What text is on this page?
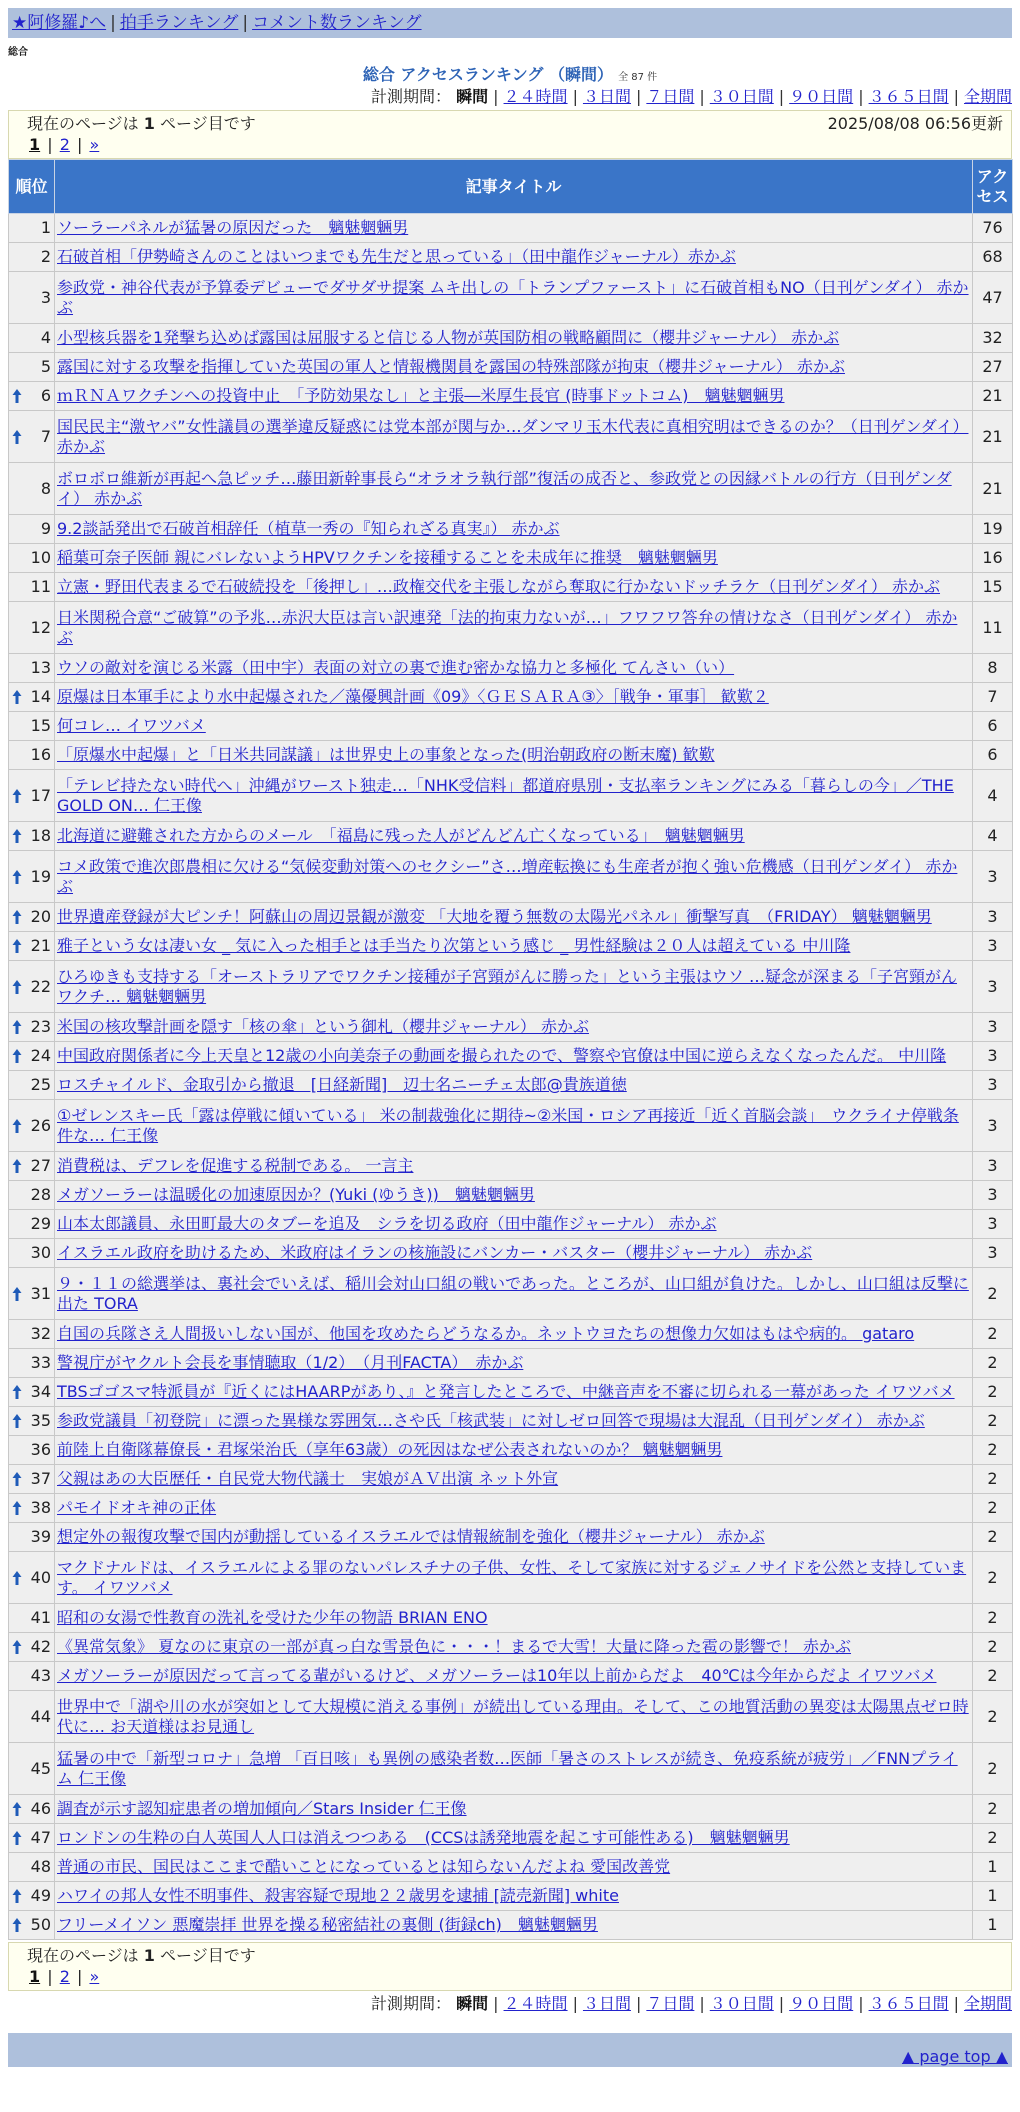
★阿修羅♪へ | 拍手ランキング | コメント数ランキング
総合
総合 アクセスランキング （瞬間） 全 87 件
計測期間： 瞬間 | ２４時間 | ３日間 | ７日間 | ３０日間 | ９０日間 | ３６５日間 | 全期間
現在のページは 1 ページ目です	2025/08/08 06:56更新
1 | 2 | »
順位	記事タイトル	アクセス
1	ソーラーパネルが猛暑の原因だった　魑魅魍魎男	76
2	石破首相「伊勢崎さんのことはいつまでも先生だと思っている」（田中龍作ジャーナル）赤かぶ	68
3	参政党・神谷代表が予算委デビューでダサダサ提案 ムキ出しの「トランプファースト」に石破首相もNO（日刊ゲンダイ） 赤かぶ	47
4	小型核兵器を1発撃ち込めば露国は屈服すると信じる人物が英国防相の戦略顧問に（櫻井ジャーナル） 赤かぶ	32
5	露国に対する攻撃を指揮していた英国の軍人と情報機関員を露国の特殊部隊が拘束（櫻井ジャーナル） 赤かぶ	27

6	ｍＲＮＡワクチンへの投資中止　「予防効果なし」と主張―米厚生長官 (時事ドットコム)　魑魅魍魎男	21

7	国民民主“激ヤバ”女性議員の選挙違反疑惑には党本部が関与か…ダンマリ玉木代表に真相究明はできるのか？（日刊ゲンダイ） 赤かぶ	21
8	ボロボロ維新が再起へ急ピッチ…藤田新幹事長ら“オラオラ執行部”復活の成否と、参政党との因縁バトルの行方（日刊ゲンダイ） 赤かぶ	21
9	9.2談話発出で石破首相辞任（植草一秀の『知られざる真実』） 赤かぶ	19
10	稲葉可奈子医師 親にバレないようHPVワクチンを接種することを未成年に推奨　魑魅魍魎男	16
11	立憲・野田代表まるで石破続投を「後押し」…政権交代を主張しながら奪取に行かないドッチラケ（日刊ゲンダイ） 赤かぶ	15
12	日米関税合意“ご破算”の予兆…赤沢大臣は言い訳連発「法的拘束力ないが…」フワフワ答弁の情けなさ（日刊ゲンダイ） 赤かぶ	11
13	ウソの敵対を演じる米露（田中宇）表面の対立の裏で進む密かな協力と多極化 てんさい（い）	8

14	原爆は日本軍手により水中起爆された／藻優興計画《09》〈ＧＥＳＡＲＡ③〉［戦争・軍事］ 歓歎２	7
15	何コレ… イワツバメ	6
16	「原爆水中起爆」と「日米共同謀議」は世界史上の事象となった(明治朝政府の断末魔) 歓歎	6

17	「テレビ持たない時代へ」沖縄がワースト独走…「NHK受信料」都道府県別・支払率ランキングにみる「暮らしの今」／THE GOLD ON… 仁王像	4

18	北海道に避難された方からのメール　「福島に残った人がどんどん亡くなっている」　魑魅魍魎男	4

19	コメ政策で進次郎農相に欠ける“気候変動対策へのセクシー”さ…増産転換にも生産者が抱く強い危機感（日刊ゲンダイ） 赤かぶ	3

20	世界遺産登録が大ピンチ！阿蘇山の周辺景観が激変 「大地を覆う無数の太陽光パネル」衝撃写真　（FRIDAY） 魑魅魍魎男	3

21	雅子という女は凄い女 _ 気に入った相手とは手当たり次第という感じ _ 男性経験は２０人は超えている 中川隆	3

22	ひろゆきも支持する「オーストラリアでワクチン接種が子宮頸がんに勝った」という主張はウソ …疑念が深まる「子宮頸がんワクチ… 魑魅魍魎男	3

23	米国の核攻撃計画を隠す「核の傘」という御札（櫻井ジャーナル） 赤かぶ	3

24	中国政府関係者に今上天皇と12歳の小向美奈子の動画を撮られたので、警察や官僚は中国に逆らえなくなったんだ。 中川隆	3
25	ロスチャイルド、金取引から撤退　[日経新聞]　辺士名ニーチェ太郎@貴族道徳	3

26	①ゼレンスキー氏「露は停戦に傾いている」 米の制裁強化に期待~②米国・ロシア再接近「近く首脳会談」　ウクライナ停戦条件な… 仁王像	3

27	消費税は、デフレを促進する税制である。 一言主	3
28	メガソーラーは温暖化の加速原因か？(Yuki (ゆうき))　魑魅魍魎男	3
29	山本太郎議員、永田町最大のタブーを追及　シラを切る政府（田中龍作ジャーナル） 赤かぶ	3
30	イスラエル政府を助けるため、米政府はイランの核施設にバンカー・バスター（櫻井ジャーナル） 赤かぶ	3

31	９・１１の総選挙は、裏社会でいえば、稲川会対山口組の戦いであった。ところが、山口組が負けた。しかし、山口組は反撃に出た TORA	2
32	自国の兵隊さえ人間扱いしない国が、他国を攻めたらどうなるか。ネットウヨたちの想像力欠如はもはや病的。 gataro	2
33	警視庁がヤクルト会長を事情聴取（1/2）　（月刊FACTA）　赤かぶ	2

34	TBSゴゴスマ特派員が『近くにはHAARPがあり、』と発言したところで、中継音声を不審に切られる一幕があった イワツバメ	2

35	参政党議員「初登院」に漂った異様な雰囲気…さや氏「核武装」に対しゼロ回答で現場は大混乱（日刊ゲンダイ） 赤かぶ	2
36	前陸上自衛隊幕僚長・君塚栄治氏（享年63歳）の死因はなぜ公表されないのか？ 魑魅魍魎男	2

37	父親はあの大臣歴任・自民党大物代議士　実娘がＡＶ出演 ネット外宣	2

38	パモイドオキ神の正体	2
39	想定外の報復攻撃で国内が動揺しているイスラエルでは情報統制を強化（櫻井ジャーナル） 赤かぶ	2

40	マクドナルドは、イスラエルによる罪のないパレスチナの子供、女性、そして家族に対するジェノサイドを公然と支持しています。 イワツバメ	2
41	昭和の女湯で性教育の洗礼を受けた少年の物語 BRIAN ENO	2

42	《異常気象》 夏なのに東京の一部が真っ白な雪景色に・・・！まるで大雪！大量に降った雹の影響で！ 赤かぶ	2
43	メガソーラーが原因だって言ってる輩がいるけど、メガソーラーは10年以上前からだよ　40℃は今年からだよ イワツバメ	2
44	世界中で「湖や川の水が突如として大規模に消える事例」が続出している理由。そして、この地質活動の異変は太陽黒点ゼロ時代に… お天道様はお見通し	2
45	猛暑の中で「新型コロナ」急増 「百日咳」も異例の感染者数…医師「暑さのストレスが続き、免疫系統が疲労」／FNNプライム 仁王像	2

46	調査が示す認知症患者の増加傾向／Stars Insider 仁王像	2

47	ロンドンの生粋の白人英国人人口は消えつつある　(CCSは誘発地震を起こす可能性ある)　魑魅魍魎男	2
48	普通の市民、国民はここまで酷いことになっているとは知らないんだよね 愛国改善党	1

49	ハワイの邦人女性不明事件、殺害容疑で現地２２歳男を逮捕 [読売新聞] white	1

50	フリーメイソン 悪魔崇拝 世界を操る秘密結社の裏側 (街録ch)　魑魅魍魎男	1
現在のページは 1 ページ目です
1 | 2 | »
計測期間： 瞬間 | ２４時間 | ３日間 | ７日間 | ３０日間 | ９０日間 | ３６５日間 | 全期間
▲ page top ▲
